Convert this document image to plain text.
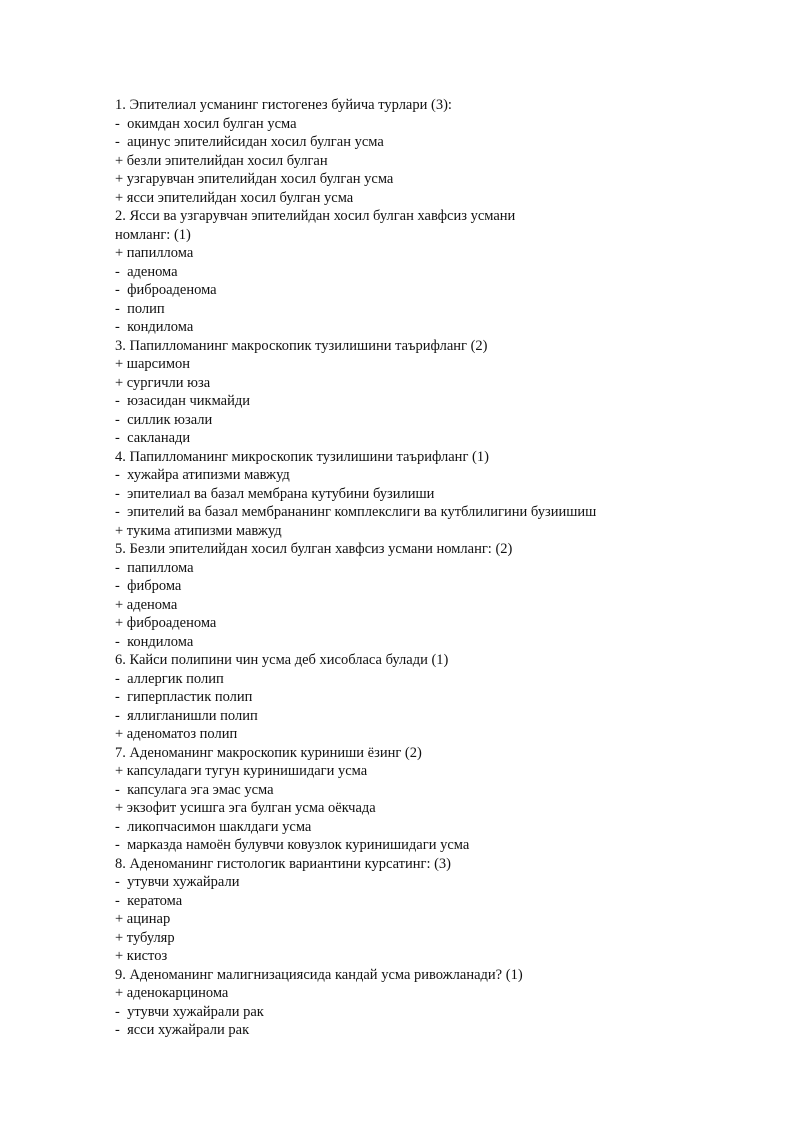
1. Эпителиал усманинг гистогенез буйича турлари (3):
-  окимдан хосил булган усма
-  ацинус эпителийсидан хосил булган усма
+ безли эпителийдан хосил булган
+ узгарувчан эпителийдан хосил булган усма
+ ясси эпителийдан хосил булган усма
2. Ясси ва узгарувчан эпителийдан хосил булган хавфсиз усмани
номланг: (1)
+ папиллома
-  аденома
-  фиброаденома
-  полип
-  кондилома
3. Папилломанинг макроскопик тузилишини таърифланг (2)
+ шарсимон
+ сургичли юза
-  юзасидан чикмайди
-  силлик юзали
-  сакланади
4. Папилломанинг микроскопик тузилишини таърифланг (1)
-  хужайра атипизми мавжуд
-  эпителиал ва базал мембрана кутубини бузилиши
-  эпителий ва базал мембрананинг комплекслиги ва кутблилигини бузиишиш
+ тукима атипизми мавжуд
5. Безли эпителийдан хосил булган хавфсиз усмани номланг: (2)
-  папиллома
-  фиброма
+ аденома
+ фиброаденома
-  кондилома
6. Кайси полипини чин усма деб хисобласа булади (1)
-  аллергик полип
-  гиперпластик полип
-  яллигланишли полип
+ аденоматоз полип
7. Аденоманинг макроскопик куриниши ёзинг (2)
+ капсуладаги тугун куринишидаги усма
-  капсулага эга эмас усма
+ экзофит усишга эга булган усма оёкчада
-  ликопчасимон шаклдаги усма
-  марказда намоён булувчи ковузлок куринишидаги усма
8. Аденоманинг гистологик вариантини курсатинг: (3)
-  утувчи хужайрали
-  кератома
+ ацинар
+ тубуляр
+ кистоз
9. Аденоманинг малигнизациясида кандай усма ривожланади? (1)
+ аденокарцинома
-  утувчи хужайрали рак
-  ясси хужайрали рак
